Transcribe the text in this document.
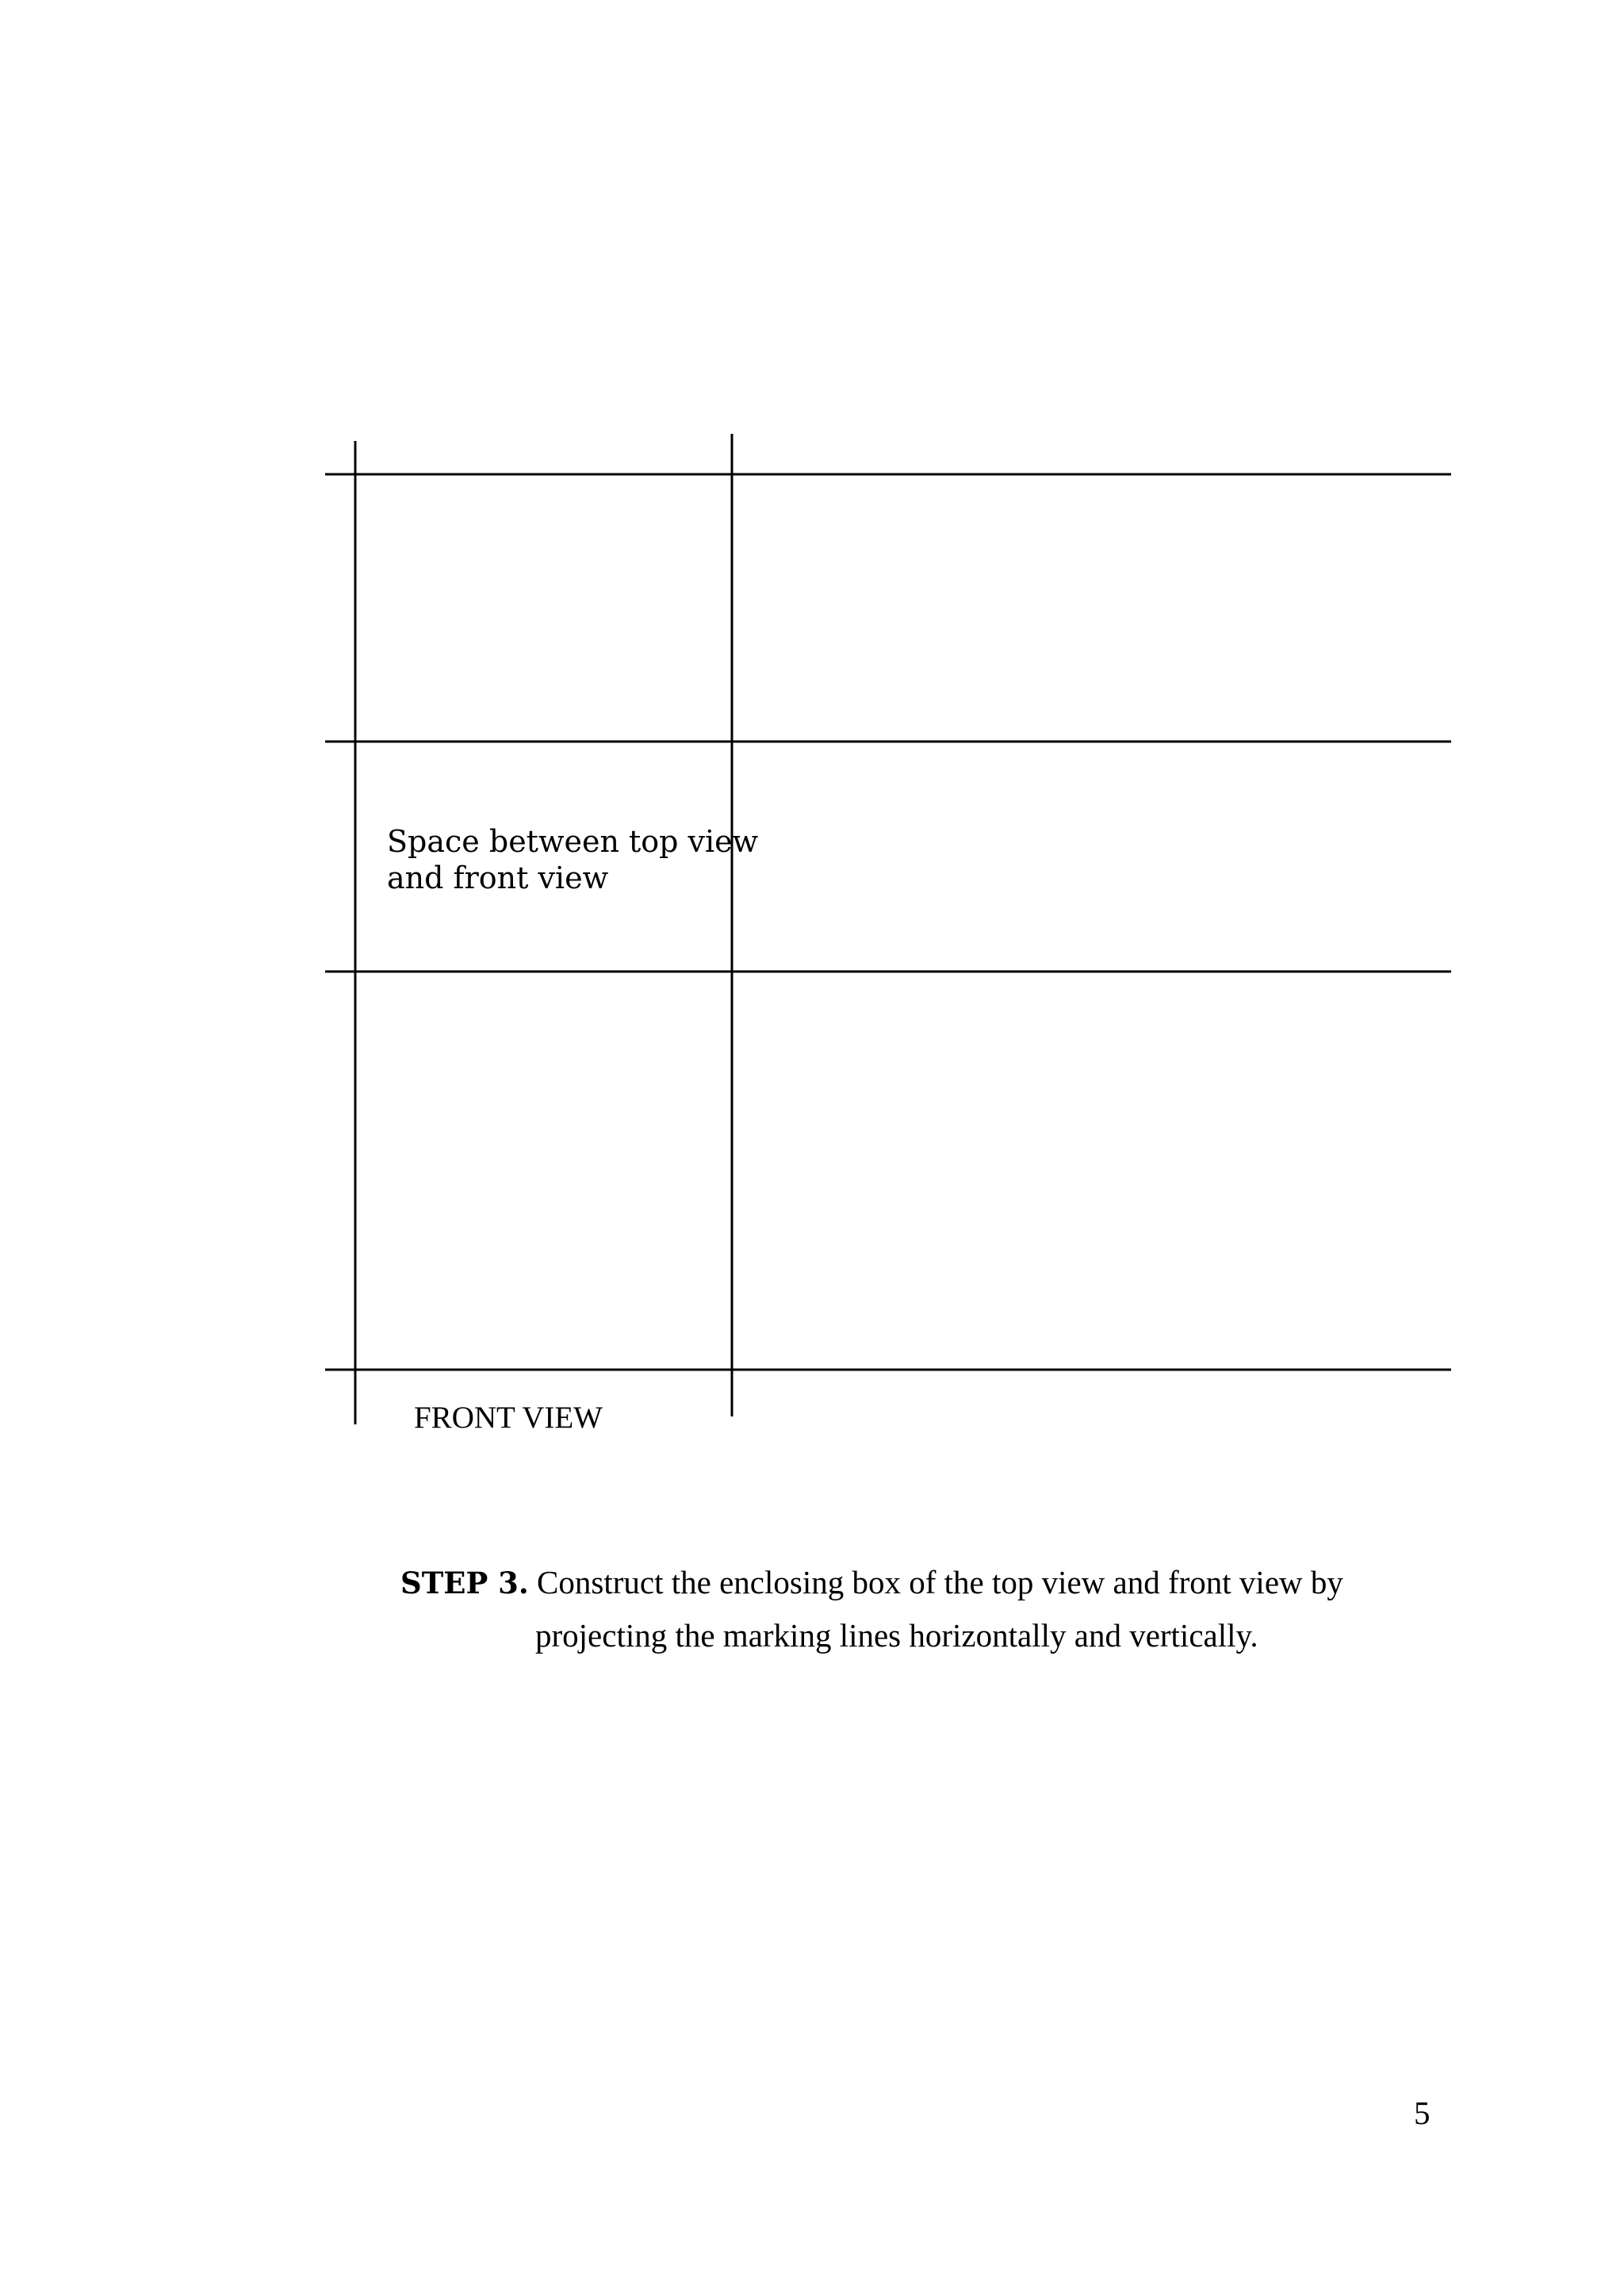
Space between top view
and front view
FRONT VIEW
STEP 3. Construct the enclosing box of the top view and front view by
projecting the marking lines horizontally and vertically.
5
